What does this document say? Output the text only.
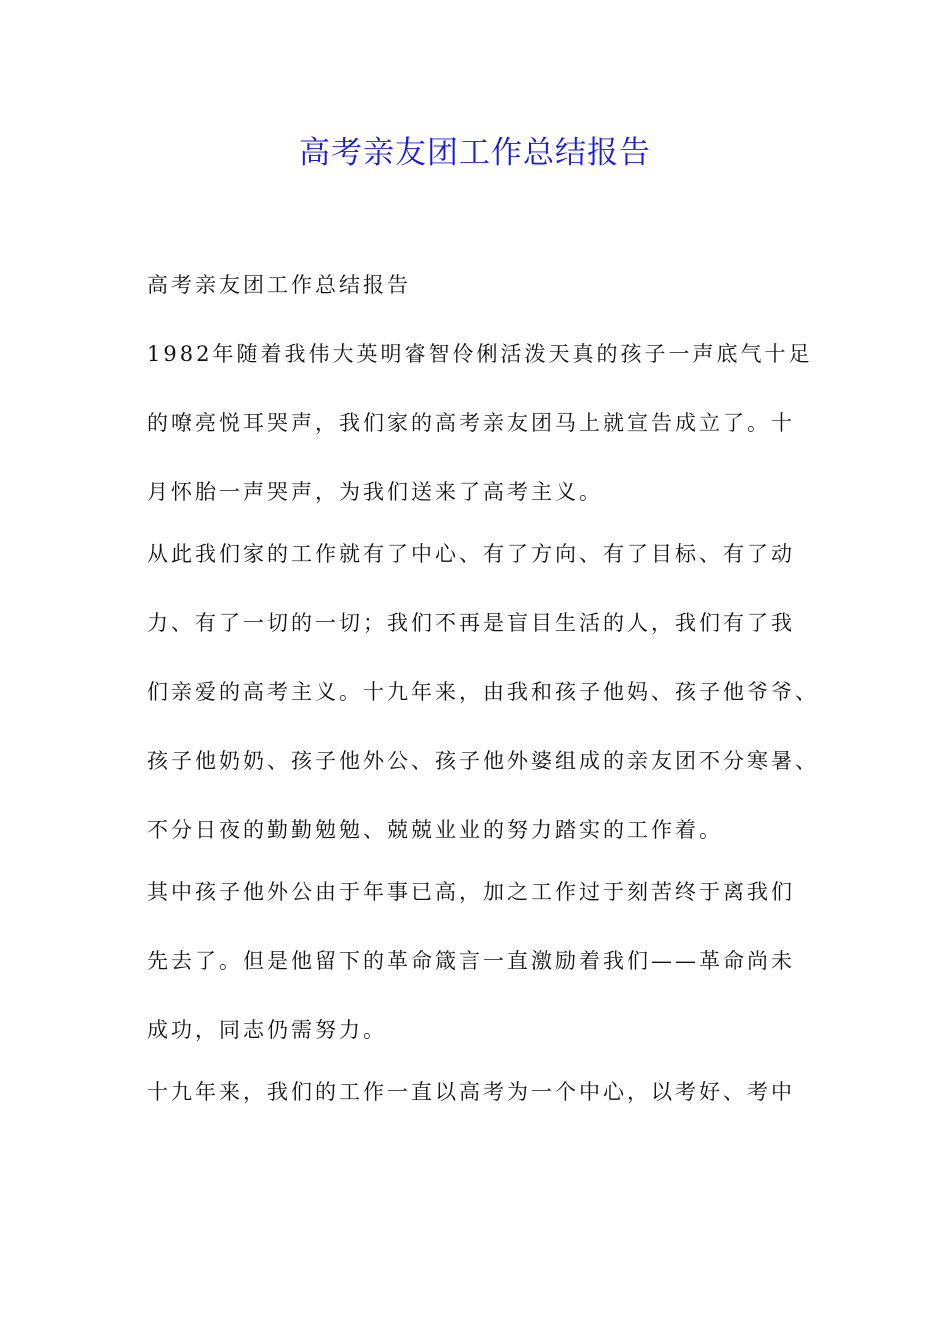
高考亲友团工作总结报告

高考亲友团工作总结报告

1982年随着我伟大英明睿智伶俐活泼天真的孩子一声底气十足
的嘹亮悦耳哭声，我们家的高考亲友团马上就宣告成立了。十
月怀胎一声哭声，为我们送来了高考主义。

从此我们家的工作就有了中心、有了方向、有了目标、有了动
力、有了一切的一切；我们不再是盲目生活的人，我们有了我
们亲爱的高考主义。十九年来，由我和孩子他妈、孩子他爷爷、
孩子他奶奶、孩子他外公、孩子他外婆组成的亲友团不分寒暑、
不分日夜的勤勤勉勉、兢兢业业的努力踏实的工作着。

其中孩子他外公由于年事已高，加之工作过于刻苦终于离我们
先去了。但是他留下的革命箴言一直激励着我们——革命尚未
成功，同志仍需努力。

十九年来，我们的工作一直以高考为一个中心，以考好、考中
